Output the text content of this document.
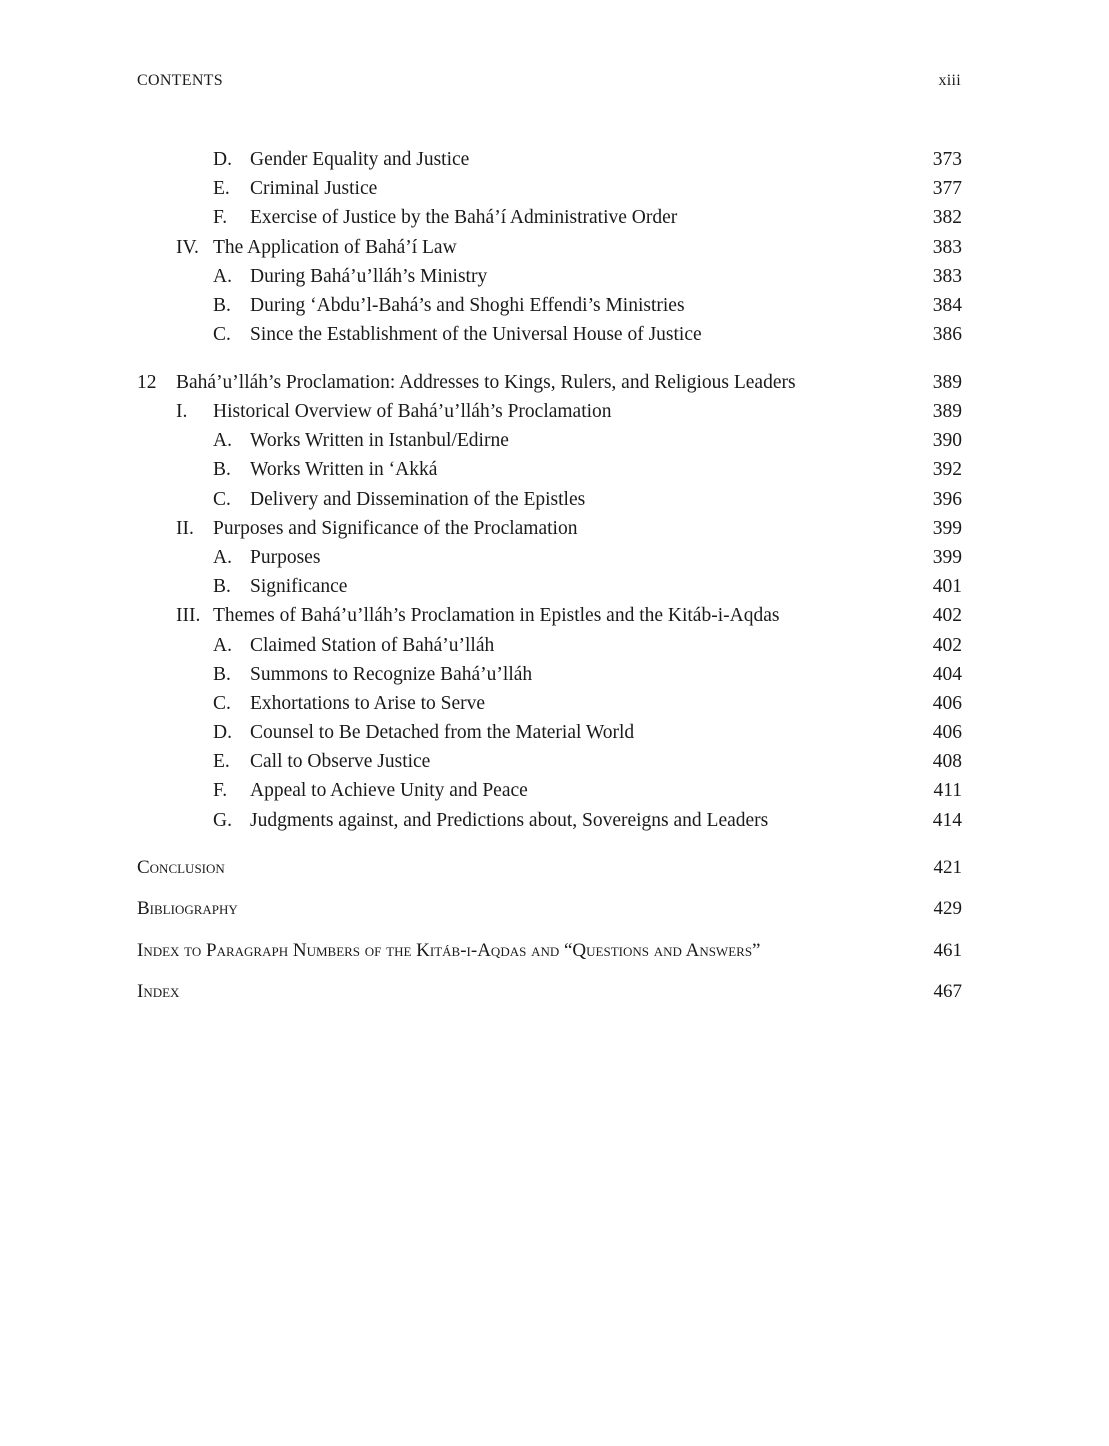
CONTENTS	xiii
D. Gender Equality and Justice	373
E. Criminal Justice	377
F. Exercise of Justice by the Bahá’í Administrative Order	382
IV. The Application of Bahá’í Law	383
A. During Bahá’u’lláh’s Ministry	383
B. During ‘Abdu’l-Bahá’s and Shoghi Effendi’s Ministries	384
C. Since the Establishment of the Universal House of Justice	386
12 Bahá’u’lláh’s Proclamation: Addresses to Kings, Rulers, and Religious Leaders	389
I. Historical Overview of Bahá’u’lláh’s Proclamation	389
A. Works Written in Istanbul/Edirne	390
B. Works Written in ‘Akká	392
C. Delivery and Dissemination of the Epistles	396
II. Purposes and Significance of the Proclamation	399
A. Purposes	399
B. Significance	401
III. Themes of Bahá’u’lláh’s Proclamation in Epistles and the Kitáb-i-Aqdas	402
A. Claimed Station of Bahá’u’lláh	402
B. Summons to Recognize Bahá’u’lláh	404
C. Exhortations to Arise to Serve	406
D. Counsel to Be Detached from the Material World	406
E. Call to Observe Justice	408
F. Appeal to Achieve Unity and Peace	411
G. Judgments against, and Predictions about, Sovereigns and Leaders	414
Conclusion	421
Bibliography	429
Index to Paragraph Numbers of the Kitáb-i-Aqdas and “Questions and Answers”	461
Index	467
